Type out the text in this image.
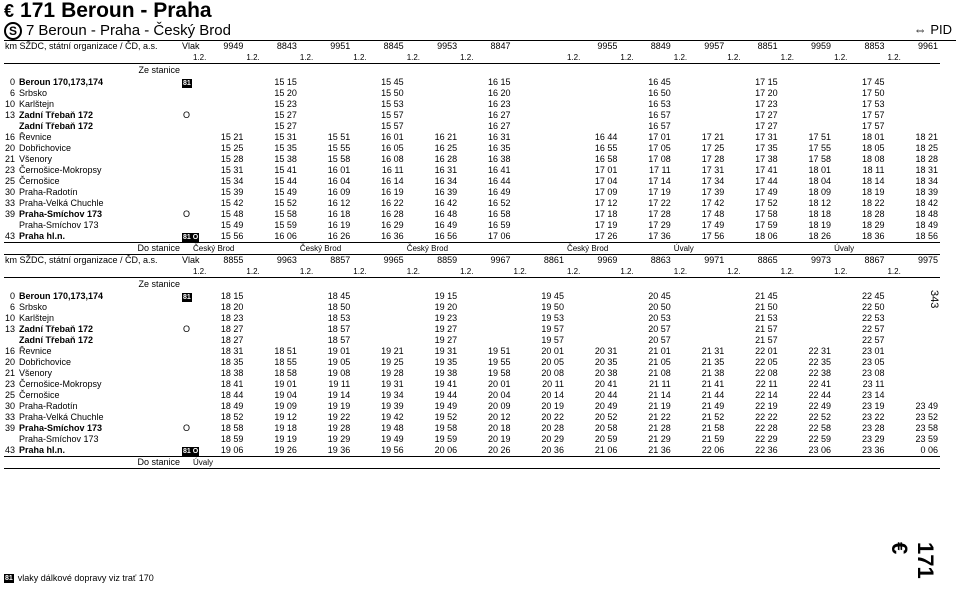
€ 171 Beroun - Praha
S 7 Beroun - Praha - Český Brod	⇔ PID
km SŽDC, státní organizace / ČD, a.s.		Vlak	9949	8843	9951	8845	9953	8847		9955	8849	9957	8851	9959	8853	9961
			1.2.	1.2.	1.2.	1.2.	1.2.	1.2.		1.2.	1.2.	1.2.	1.2.	1.2.	1.2.	1.2.
	Ze stanice															
0	Beroun 170,173,174	81		15 15		15 45		16 15			16 45		17 15		17 45	
6	Srbsko			15 20		15 50		16 20			16 50		17 20		17 50	
10	Karlštejn			15 23		15 53		16 23			16 53		17 23		17 53	
13	Zadní Třebaň 172	O		15 27		15 57		16 27			16 57		17 27		17 57	
	Zadní Třebaň 172			15 27		15 57		16 27			16 57		17 27		17 57	
16	Řevnice		15 21	15 31	15 51	16 01	16 21	16 31		16 44	17 01	17 21	17 31	17 51	18 01	18 21
20	Dobřichovice		15 25	15 35	15 55	16 05	16 25	16 35		16 55	17 05	17 25	17 35	17 55	18 05	18 25
21	Všenory		15 28	15 38	15 58	16 08	16 28	16 38		16 58	17 08	17 28	17 38	17 58	18 08	18 28
23	Černošice-Mokropsy		15 31	15 41	16 01	16 11	16 31	16 41		17 01	17 11	17 31	17 41	18 01	18 11	18 31
25	Černošice		15 34	15 44	16 04	16 14	16 34	16 44		17 04	17 14	17 34	17 44	18 04	18 14	18 34
30	Praha-Radotín		15 39	15 49	16 09	16 19	16 39	16 49		17 09	17 19	17 39	17 49	18 09	18 19	18 39
33	Praha-Velká Chuchle		15 42	15 52	16 12	16 22	16 42	16 52		17 12	17 22	17 42	17 52	18 12	18 22	18 42
39	Praha-Smíchov 173	O	15 48	15 58	16 18	16 28	16 48	16 58		17 18	17 28	17 48	17 58	18 18	18 28	18 48
	Praha-Smíchov 173		15 49	15 59	16 19	16 29	16 49	16 59		17 19	17 29	17 49	17 59	18 19	18 29	18 49
43	Praha hl.n.	81 O	15 56	16 06	16 26	16 36	16 56	17 06		17 26	17 36	17 56	18 06	18 26	18 36	18 56
	Do stanice		Český Brod		Český Brod		Český Brod			Český Brod		Úvaly			Úvaly	
km SŽDC, státní organizace / ČD, a.s.		Vlak	8855	9963	8857	9965	8859	9967	8861	9969	8863	9971	8865	9973	8867	9975
			1.2.	1.2.	1.2.	1.2.	1.2.	1.2.	1.2.	1.2.	1.2.	1.2.	1.2.	1.2.	1.2.	1.2.
	Ze stanice															
0	Beroun 170,173,174	81	18 15		18 45		19 15		19 45		20 45		21 45		22 45	
6	Srbsko		18 20		18 50		19 20		19 50		20 50		21 50		22 50	
10	Karlštejn		18 23		18 53		19 23		19 53		20 53		21 53		22 53	
13	Zadní Třebaň 172	O	18 27		18 57		19 27		19 57		20 57		21 57		22 57	
	Zadní Třebaň 172		18 27		18 57		19 27		19 57		20 57		21 57		22 57	
16	Řevnice		18 31	18 51	19 01	19 21	19 31	19 51	20 01	20 31	21 01	21 31	22 01	22 31	23 01	
20	Dobřichovice		18 35	18 55	19 05	19 25	19 35	19 55	20 05	20 35	21 05	21 35	22 05	22 35	23 05	
21	Všenory		18 38	18 58	19 08	19 28	19 38	19 58	20 08	20 38	21 08	21 38	22 08	22 38	23 08	
23	Černošice-Mokropsy		18 41	19 01	19 11	19 31	19 41	20 01	20 11	20 41	21 11	21 41	22 11	22 41	23 11	
25	Černošice		18 44	19 04	19 14	19 34	19 44	20 04	20 14	20 44	21 14	21 44	22 14	22 44	23 14	
30	Praha-Radotín		18 49	19 09	19 19	19 39	19 49	20 09	20 19	20 49	21 19	21 49	22 19	22 49	23 19	23 49
33	Praha-Velká Chuchle		18 52	19 12	19 22	19 42	19 52	20 12	20 22	20 52	21 22	21 52	22 22	22 52	23 22	23 52
39	Praha-Smíchov 173	O	18 58	19 18	19 28	19 48	19 58	20 18	20 28	20 58	21 28	21 58	22 28	22 58	23 28	23 58
	Praha-Smíchov 173		18 59	19 19	19 29	19 49	19 59	20 19	20 29	20 59	21 29	21 59	22 29	22 59	23 29	23 59
43	Praha hl.n.	81 O	19 06	19 26	19 36	19 56	20 06	20 26	20 36	21 06	21 36	22 06	22 36	23 06	23 36	0 06
	Do stanice		Úvaly													
343
171 €
81 vlaky dálkové dopravy viz trať 170
